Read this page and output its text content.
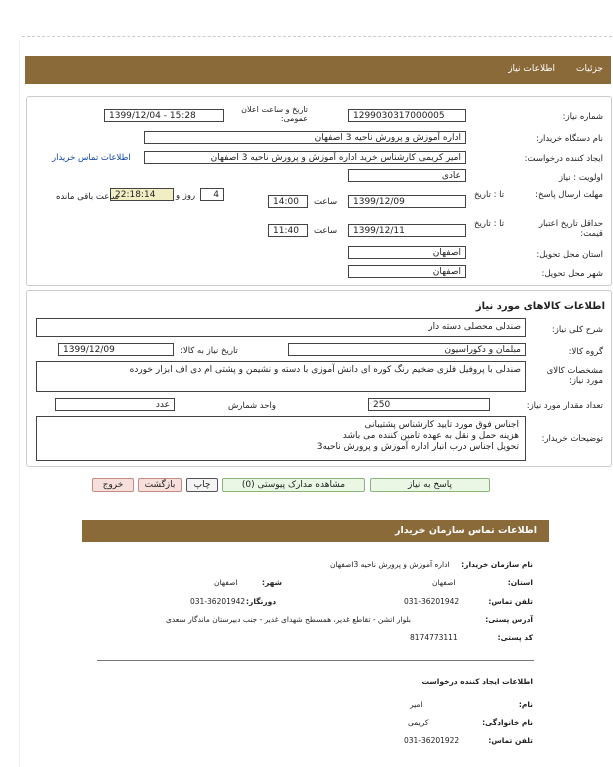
جزئیات
اطلاعات نیاز
شماره نیاز:
1299030317000005
تاریخ و ساعت اعلان عمومی:
1399/12/04 - 15:28
نام دستگاه خریدار:
اداره آموزش و پرورش ناحیه 3 اصفهان
ایجاد کننده درخواست:
امیر کریمی کارشناس خرید اداره آموزش و پرورش ناحیه 3 اصفهان
اطلاعات تماس خریدار
اولویت : نیاز
عادی
مهلت ارسال پاسخ:
تا : تاریخ
1399/12/09
ساعت
14:00
4
روز و
22:18:14
ساعت باقی مانده
حداقل تاریخ اعتبار قیمت:
تا : تاریخ
1399/12/11
ساعت
11:40
استان محل تحویل:
اصفهان
شهر محل تحویل:
اصفهان
اطلاعات کالاهای مورد نیاز
شرح کلی نیاز:
صندلی محصلی دسته دار
گروه کالا:
مبلمان و دکوراسیون
تاریخ نیاز به کالا:
1399/12/09
مشخصات کالای مورد نیاز:
صندلی با پروفیل فلزی ضخیم رنگ کوره ای دانش آموزی با دسته و نشیمن و پشتی ام دی اف ابزار خورده
تعداد مقدار مورد نیاز:
250
واحد شمارش
عدد
توضیحات خریدار:
اجناس فوق مورد تایید کارشناس پشتیبانی
هزینه حمل و نقل به عهده تامین کننده می باشد
تحویل اجناس درب انبار اداره آموزش و پرورش ناحیه3
پاسخ به نیاز
مشاهده مدارک پیوستی (0)
چاپ
بازگشت
خروج
اطلاعات تماس سازمان خریدار
نام سازمان خریدار:
اداره آموزش و پرورش ناحیه 3اصفهان
استان:
اصفهان
شهر:
اصفهان
تلفن تماس:
031-36201942
دورنگار:
031-36201942
آدرس پستی:
بلوار اتشن - تقاطع غدیر، همسطح شهدای غدیر - جنب دبیرستان ماندگار سعدی
کد پستی:
8174773111
اطلاعات ایجاد کننده درخواست
نام:
امیر
نام خانوادگی:
کریمی
تلفن تماس:
031-36201922
